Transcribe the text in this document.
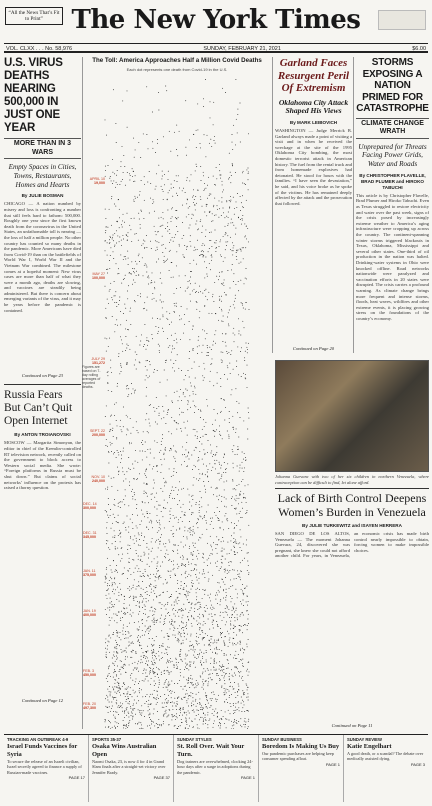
“All the News That’s Fit to Print”	The New York Times
VOL. CLXX . . . No. 58,976	SUNDAY, FEBRUARY 21, 2021	$6.00
U.S. VIRUS DEATHS NEARING 500,000 IN JUST ONE YEAR
MORE THAN IN 3 WARS
Empty Spaces in Cities, Towns, Restaurants, Homes and Hearts
By JULIE BOSMAN
CHICAGO — A nation numbed by misery and loss is confronting a number that still feels hard to fathom: 500,000. Roughly one year since the first known death from the coronavirus in the United States, an unfathomable toll is nearing — the loss of half a million people. No other country has counted so many deaths in the pandemic. More Americans have died from Covid-19 than on the battlefields of World War I, World War II and the Vietnam War combined. The milestone comes at a hopeful moment: New virus cases are more than half of what they were a month ago, deaths are slowing, and vaccines are steadily being administered. But there is concern about emerging variants of the virus, and it may be years before the pandemic is contained.
Continued on Page 23
Russia Fears But Can’t Quit Open Internet
By ANTON TROIANOVSKI
MOSCOW — Margarita Simonyan, the editor in chief of the Kremlin-controlled RT television network, recently called on the government to block access to Western social media. She wrote: “Foreign platforms in Russia must be shut down.” But claims of social networks’ influence on the protests has raised a thorny question.
Continued on Page 12
The Toll: America Approaches Half a Million Covid Deaths
Each dot represents one death from Covid-19 in the U.S.
APRIL 10
19,000
MAY 27
100,000
JULY 29
151,272
SEPT. 22
200,000
NOV. 10
240,000
DEC. 14
300,000
DEC. 31
345,000
JAN. 11
375,000
JAN. 19
400,000
FEB. 3
450,000
FEB. 20
497,300
Figures are based on 7-day rolling averages of reported deaths.
Garland Faces Resurgent Peril Of Extremism
Oklahoma City Attack Shaped His Views
By MARK LEIBOVICH
WASHINGTON — Judge Merrick B. Garland always made a point of visiting a visit and in when he received the wreckage at the site of the 1995 Oklahoma City bombing, the most domestic terrorist attack in American history. The fuel from the rental truck and from homemade explosives had detonated. He stood for hours with the families. “I have seen the devastation,” he said, and his voice broke as he spoke of the victims. He has remained deeply affected by the attack and the prosecution that followed.
Continued on Page 20
STORMS EXPOSING A NATION PRIMED FOR CATASTROPHE
CLIMATE CHANGE WRATH
Unprepared for Threats Facing Power Grids, Water and Roads
By CHRISTOPHER FLAVELLE, BRAD PLUMER and HIROKO TABUCHI
This article is by Christopher Flavelle, Brad Plumer and Hiroko Tabuchi. Even as Texas struggled to restore electricity and water over the past week, signs of the crisis posed by increasingly extreme weather to America’s aging infrastructure were cropping up across the country. The continent-spanning winter storms triggered blackouts in Texas, Oklahoma, Mississippi and several other states. One-third of oil production in the nation was halted. Drinking-water systems in Ohio were knocked offline. Road networks nationwide were paralyzed and vaccination efforts in 20 states were disrupted. The crisis carries a profound warning. As climate change brings more frequent and intense storms, floods, heat waves, wildfires and other extreme events, it is placing growing stress on the foundations of the country’s economy.
Johanna Guevara with two of her six children in northern Venezuela, where contraception can be difficult to find, let alone afford.
Lack of Birth Control Deepens Women’s Burden in Venezuela
By JULIE TURKEWITZ and ISAYEN HERRERA
SAN DIEGO DE LOS ALTOS, Venezuela — The moment Johanna Guevara, 24, discovered she was pregnant, she knew she could not afford another child. For years, in Venezuela, an economic crisis has made birth control nearly impossible to obtain, forcing women to make impossible choices.
Continued on Page 11
TRACKING AN OUTBREAK 4-9
Israel Funds Vaccines for Syria
To secure the release of an Israeli civilian, Israel secretly agreed to finance a supply of Russian-made vaccines.
PAGE 17
SPORTS 35-37
Osaka Wins Australian Open
Naomi Osaka, 23, is now 4 for 4 in Grand Slam finals after a straight-set victory over Jennifer Brady.
PAGE 37
SUNDAY STYLES
St. Roll Over. Wait Your Turn.
Dog trainers are overwhelmed, clocking 24-hour days after a surge in adoptions during the pandemic.
PAGE 1
SUNDAY BUSINESS
Boredom Is Making Us Buy
Our pandemic purchases are helping keep consumer spending afloat.
PAGE 1
SUNDAY REVIEW
Katie Engelhart
A good death, or a scandal? The debate over medically assisted dying.
PAGE 3
